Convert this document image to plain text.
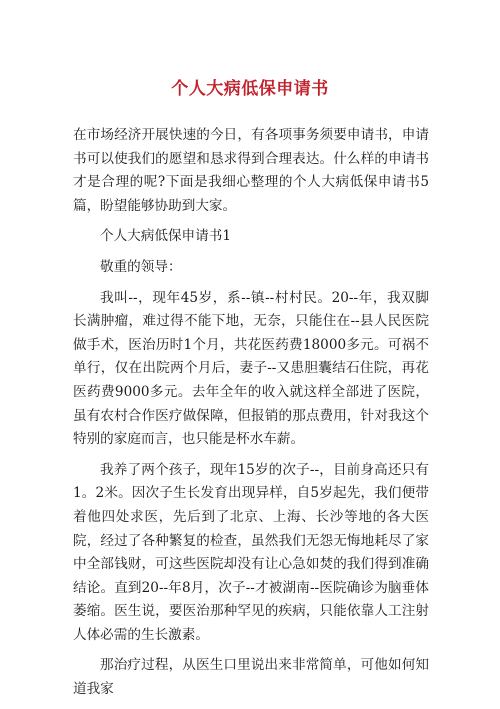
个人大病低保申请书

在市场经济开展快速的今日，有各项事务须要申请书，申请书可以使我们的愿望和恳求得到合理表达。什么样的申请书才是合理的呢?下面是我细心整理的个人大病低保申请书5篇，盼望能够协助到大家。

个人大病低保申请书1

敬重的领导：

我叫--，现年45岁，系--镇--村村民。20--年，我双脚长满肿瘤，难过得不能下地，无奈，只能住在--县人民医院做手术，医治历时1个月，共花医药费18000多元。可祸不单行，仅在出院两个月后，妻子--又患胆囊结石住院，再花医药费9000多元。去年全年的收入就这样全部进了医院，虽有农村合作医疗做保障，但报销的那点费用，针对我这个特别的家庭而言，也只能是杯水车薪。

我养了两个孩子，现年15岁的次子--，目前身高还只有1。2米。因次子生长发育出现异样，自5岁起先，我们便带着他四处求医，先后到了北京、上海、长沙等地的各大医院，经过了各种繁复的检查，虽然我们无怨无悔地耗尽了家中全部钱财，可这些医院却没有让心急如焚的我们得到准确结论。直到20--年8月，次子--才被湖南--医院确诊为脑垂体萎缩。医生说，要医治那种罕见的疾病，只能依靠人工注射人体必需的生长激素。

那治疗过程，从医生口里说出来非常简单，可他如何知道我家
